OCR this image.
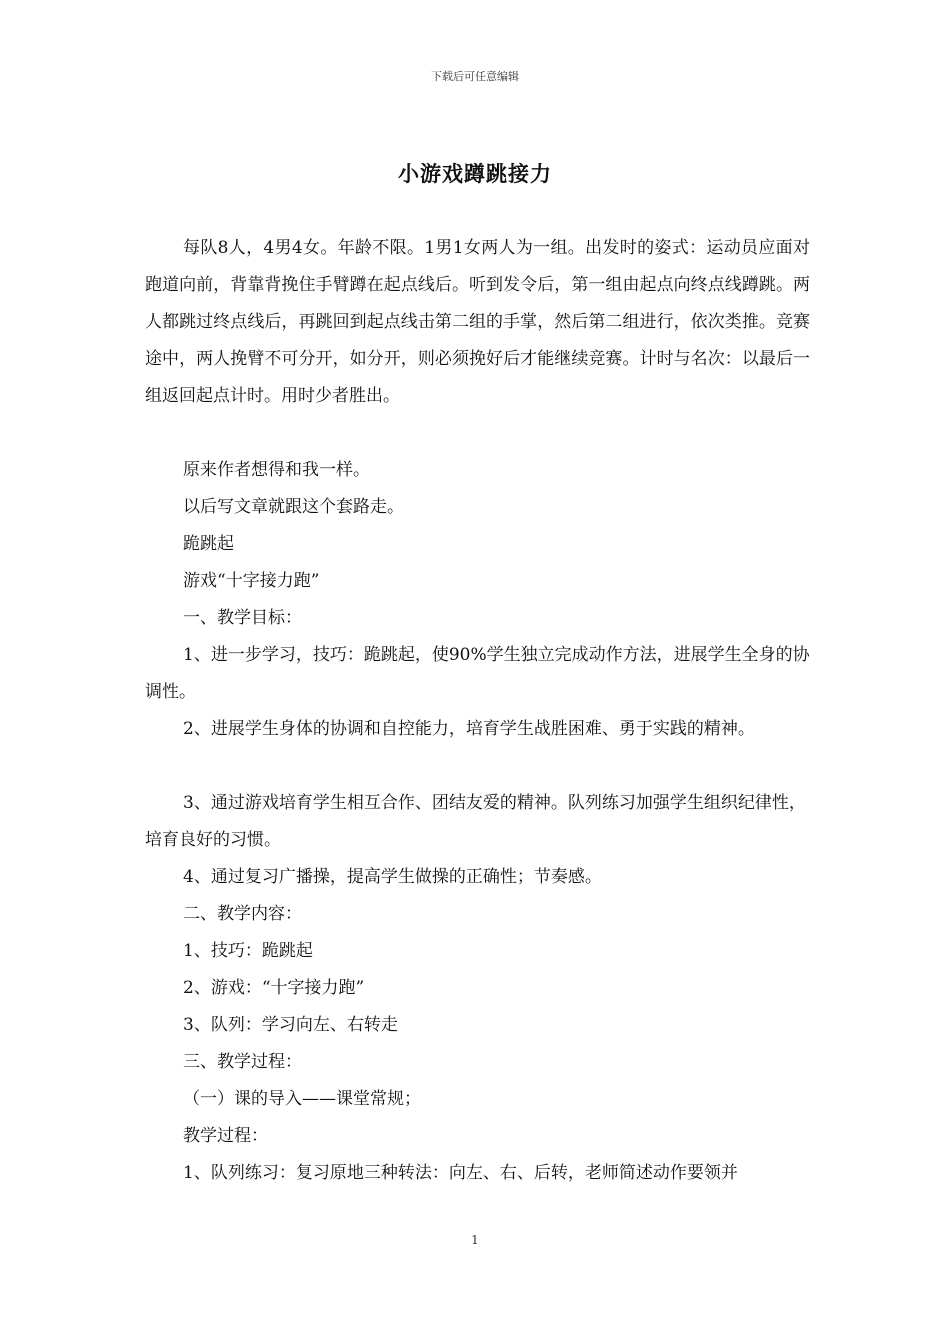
下载后可任意编辑
小游戏蹲跳接力
每队8人，4男4女。年龄不限。1男1女两人为一组。出发时的姿式：运动员应面对跑道向前，背靠背挽住手臂蹲在起点线后。听到发令后，第一组由起点向终点线蹲跳。两人都跳过终点线后，再跳回到起点线击第二组的手掌，然后第二组进行，依次类推。竞赛途中，两人挽臂不可分开，如分开，则必须挽好后才能继续竞赛。计时与名次：以最后一组返回起点计时。用时少者胜出。

原来作者想得和我一样。

以后写文章就跟这个套路走。

跪跳起

游戏“十字接力跑”

一、教学目标：

1、进一步学习，技巧：跪跳起，使90%学生独立完成动作方法，进展学生全身的协调性。

2、进展学生身体的协调和自控能力，培育学生战胜困难、勇于实践的精神。

3、通过游戏培育学生相互合作、团结友爱的精神。队列练习加强学生组织纪律性，培育良好的习惯。

4、通过复习广播操，提高学生做操的正确性；节奏感。

二、教学内容：

1、技巧：跪跳起

2、游戏：“十字接力跑”

3、队列：学习向左、右转走

三、教学过程：

（一）课的导入——课堂常规；

教学过程：

1、队列练习：复习原地三种转法：向左、右、后转，老师简述动作要领并

1
